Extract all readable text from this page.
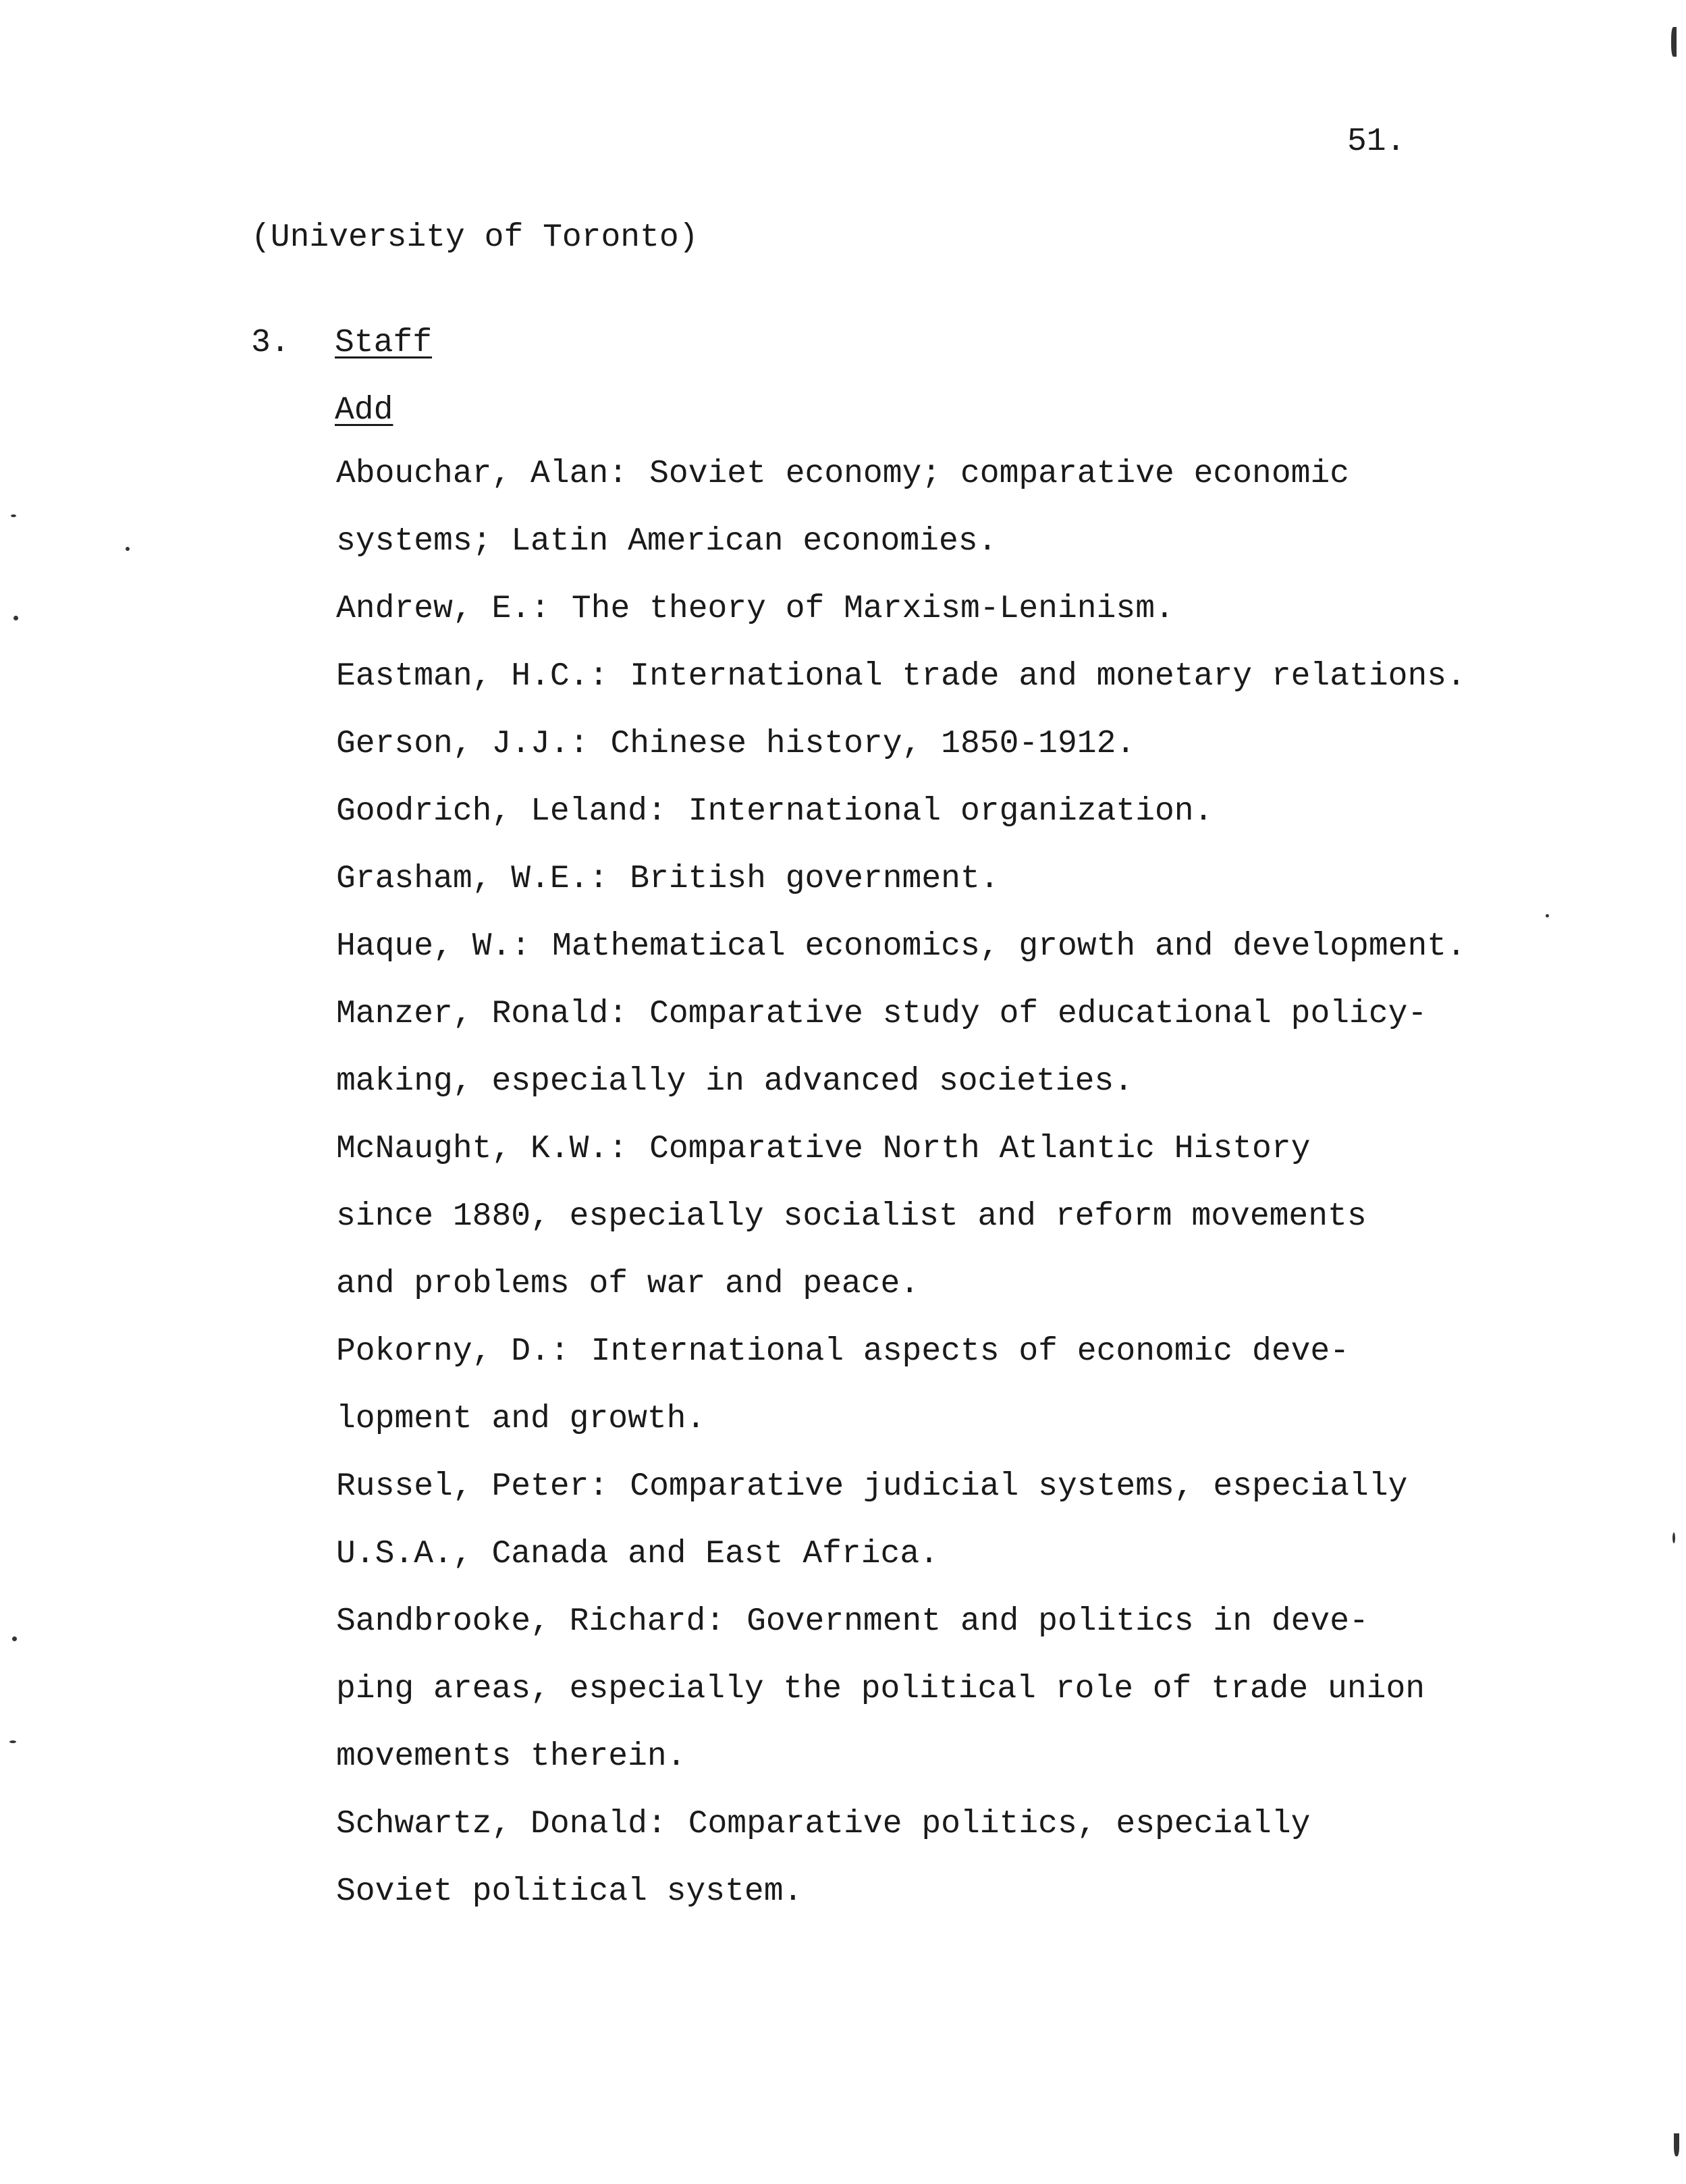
51.
(University of Toronto)
3. Staff
Add
Abouchar, Alan: Soviet economy; comparative economic
systems; Latin American economies.
Andrew, E.: The theory of Marxism-Leninism.
Eastman, H.C.: International trade and monetary relations.
Gerson, J.J.: Chinese history, 1850-1912.
Goodrich, Leland: International organization.
Grasham, W.E.: British government.
Haque, W.: Mathematical economics, growth and development.
Manzer, Ronald: Comparative study of educational policy-
making, especially in advanced societies.
McNaught, K.W.: Comparative North Atlantic History
since 1880, especially socialist and reform movements
and problems of war and peace.
Pokorny, D.: International aspects of economic deve-
lopment and growth.
Russel, Peter: Comparative judicial systems, especially
U.S.A., Canada and East Africa.
Sandbrooke, Richard: Government and politics in deve-
ping areas, especially the political role of trade union
movements therein.
Schwartz, Donald: Comparative politics, especially
Soviet political system.
